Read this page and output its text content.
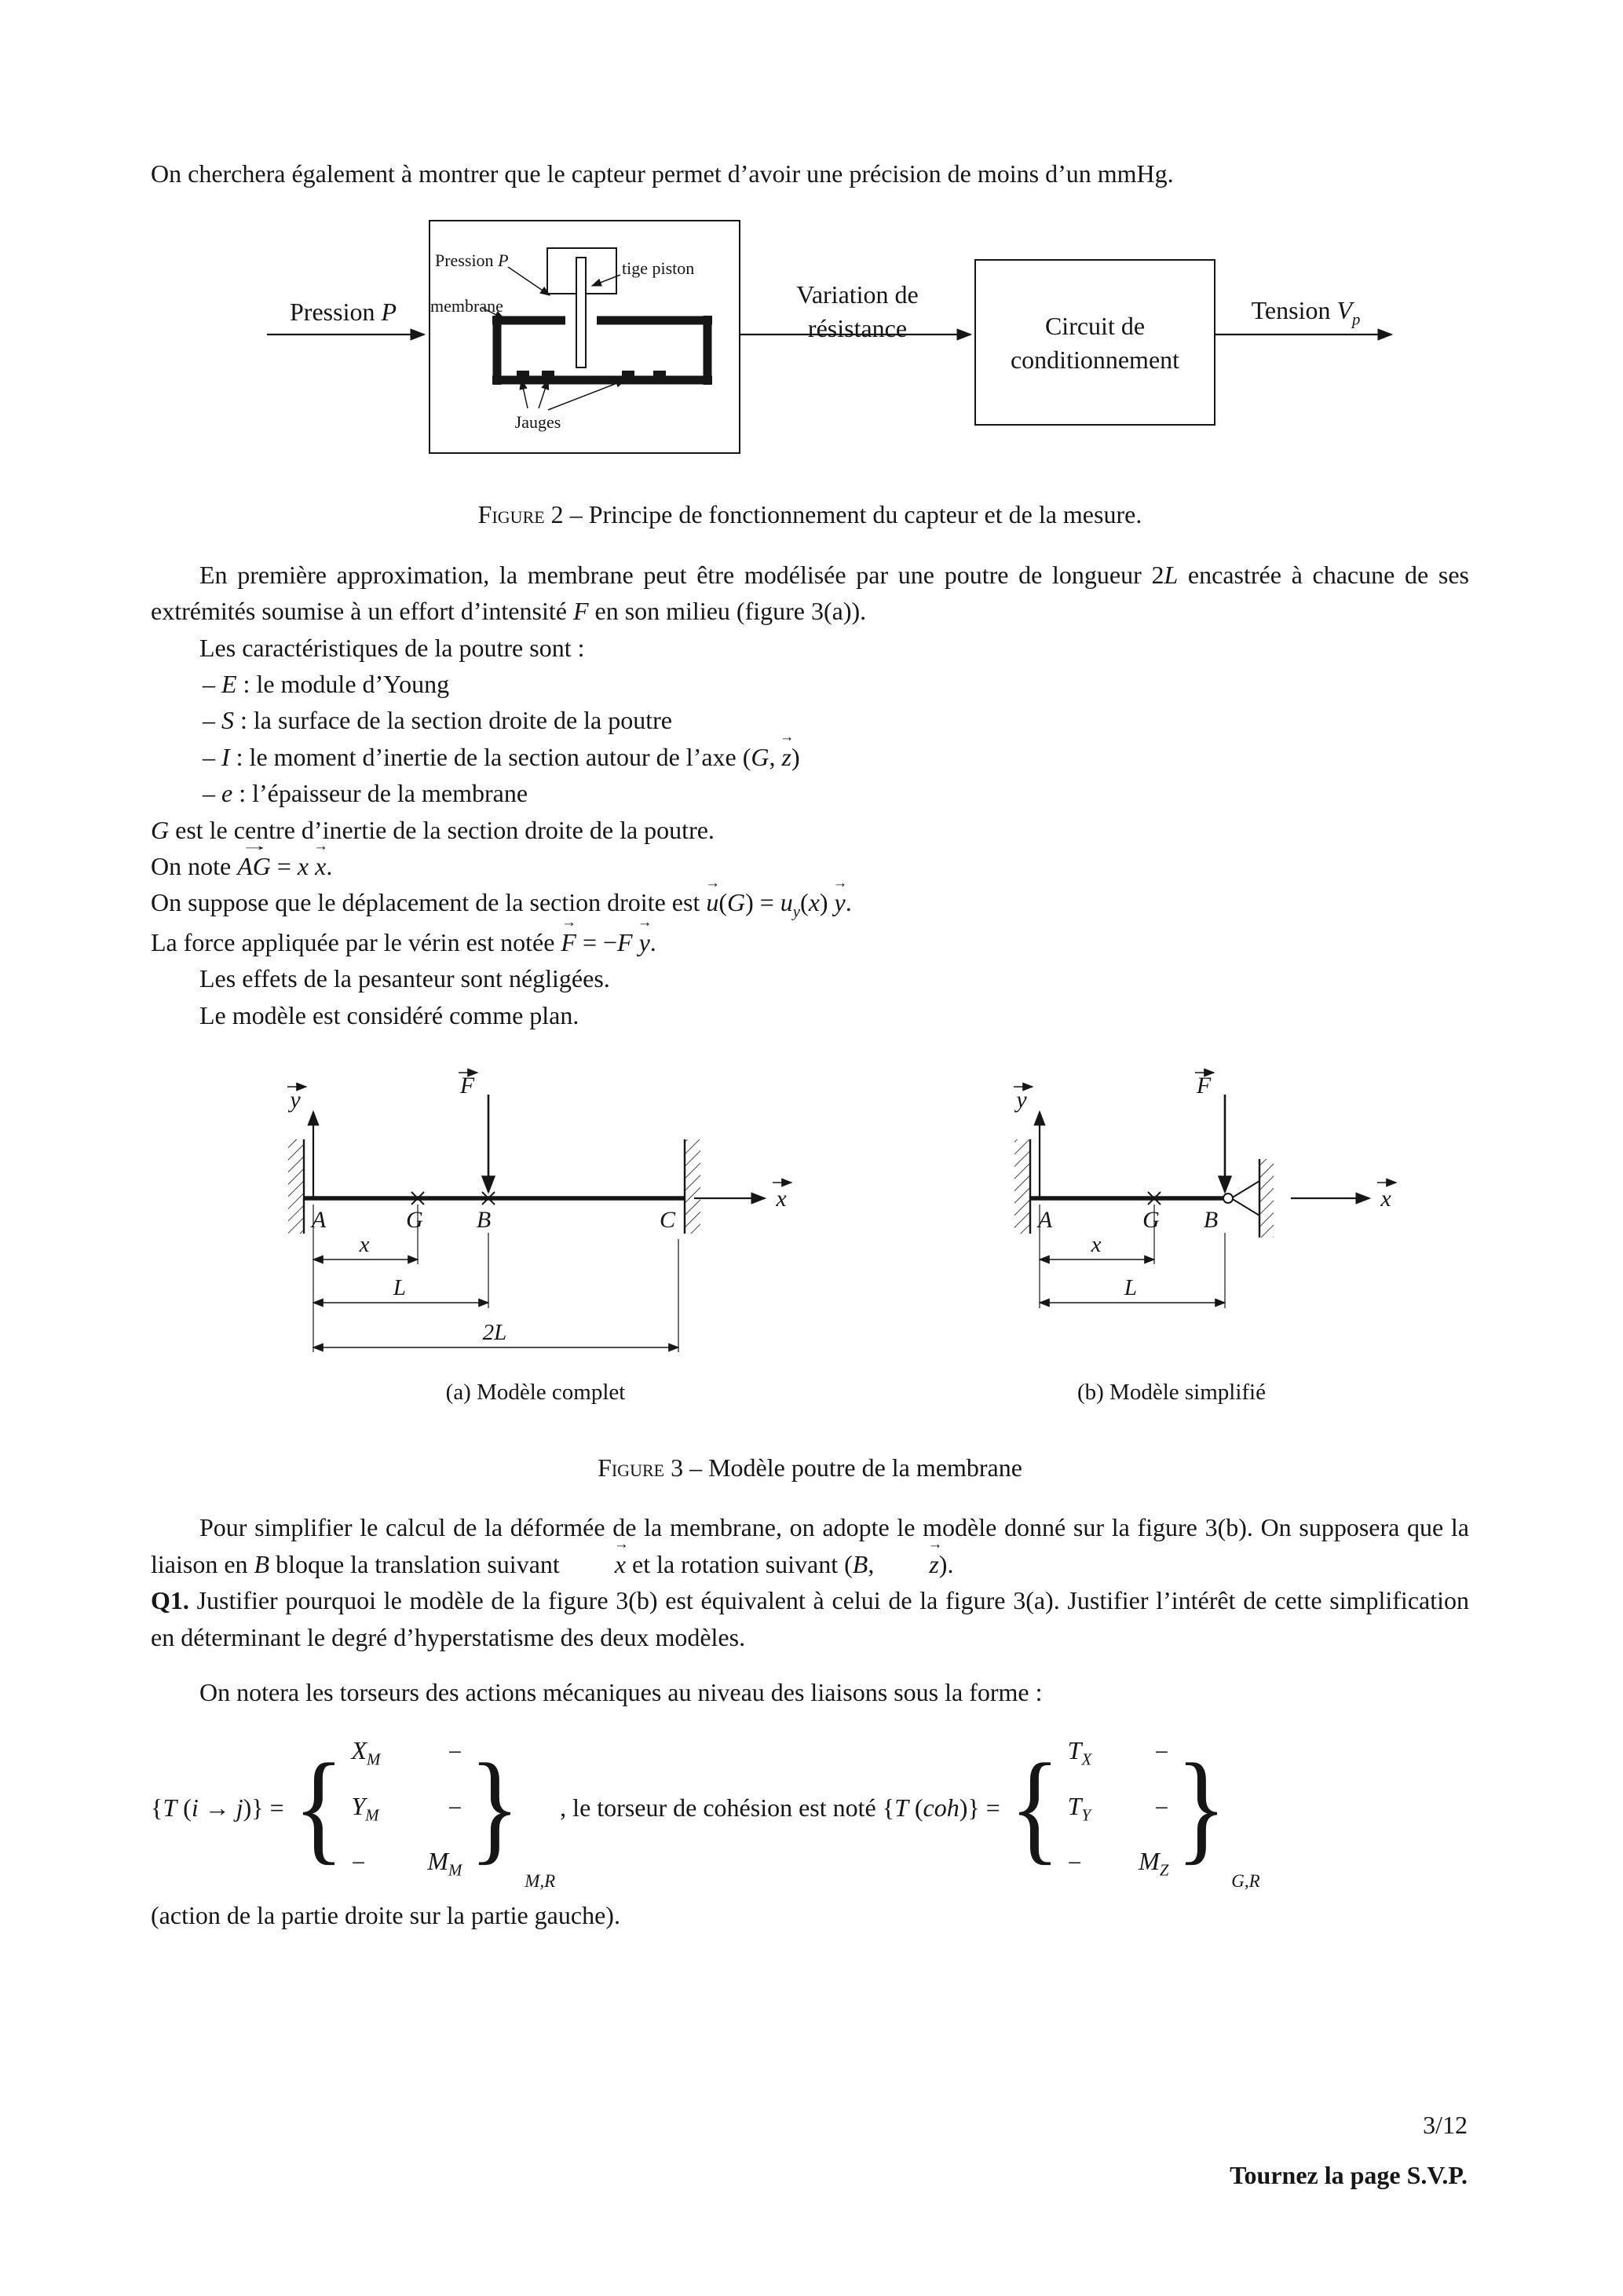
On cherchera également à montrer que le capteur permet d’avoir une précision de moins d’un mmHg.

Pression P
Pression P	tige piston
membrane
Jauges
Variation de
résistance	Circuit de
conditionnement
Tension $V_p$
Figure 2 – Principe de fonctionnement du capteur et de la mesure.

En première approximation, la membrane peut être modélisée par une poutre de longueur 2L encastrée à chacune de ses extrémités soumise à un effort d’intensité F en son milieu (figure 3(a)).

Les caractéristiques de la poutre sont :

– E : le module d’Young
– S : la surface de la section droite de la poutre
– I : le moment d’inertie de la section autour de l’axe (G, z →)
– e : l’épaisseur de la membrane

G est le centre d’inertie de la section droite de la poutre.

On note AG → = x x →.

On suppose que le déplacement de la section droite est $u \to(G) = u_y(x)$ y →.

La force appliquée par le vérin est notée F → = −F y →.

Les effets de la pesanteur sont négligées.

Le modèle est considéré comme plan.

y
F
A	G B	C
x
L
2L
x
y
F
A	G B
x
L
x
(a) Modèle complet	(b) Modèle simplifié
Figure 3 – Modèle poutre de la membrane

Pour simplifier le calcul de la déformée de la membrane, on adopte le modèle donné sur la figure 3(b). On supposera que la liaison en B bloque la translation suivant x → et la rotation suivant (B, z →).

Q1. Justifier pourquoi le modèle de la figure 3(b) est équivalent à celui de la figure 3(a). Justifier l’intérêt de cette simplification en déterminant le degré d’hyperstatisme des deux modèles.

On notera les torseurs des actions mécaniques au niveau des liaisons sous la forme :

{T (i → j)} = { $X_M$	−
$Y_M$	−
−	$M_M$ }
M,R
, le torseur de cohésion est noté {T (coh)} = { $T_X$	−
$T_Y$	−
−	$M_Z$ }
G,R

(action de la partie droite sur la partie gauche).

3/12
Tournez la page S.V.P.
